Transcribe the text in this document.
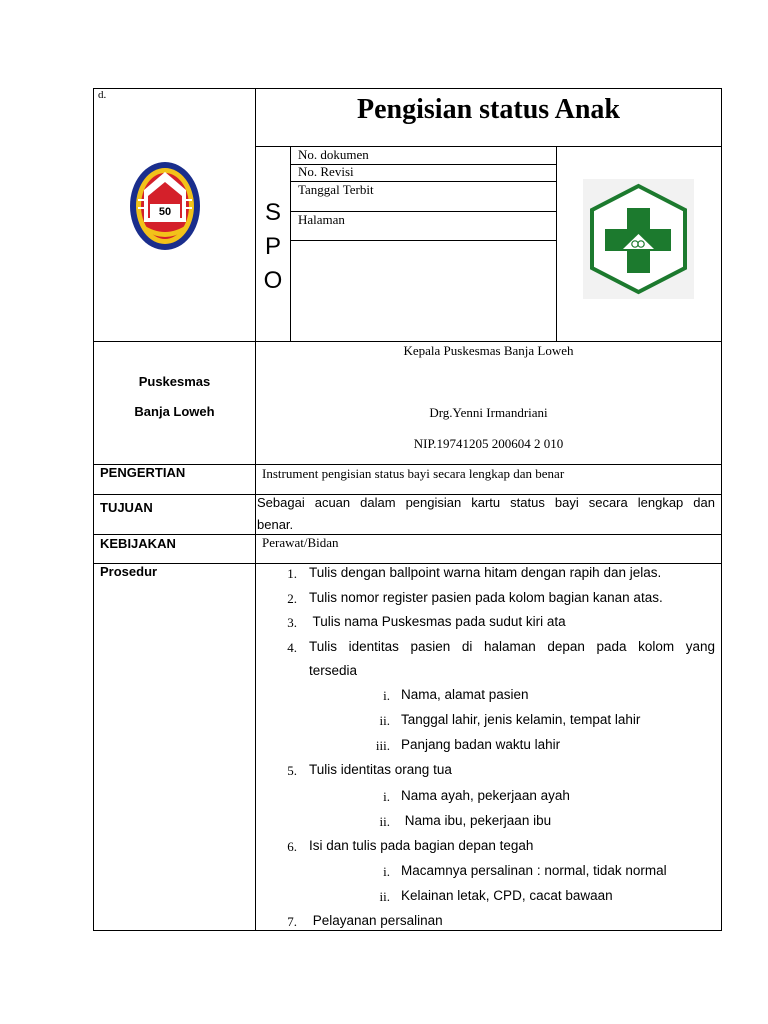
d.	Pengisian status Anak
50	S
P
O
No. dokumen
No. Revisi
Tanggal Terbit
Halaman
Puskesmas
Banja Loweh
Kepala Puskesmas Banja Loweh
Drg.Yenni Irmandriani
NIP.19741205 200604 2 010
PENGERTIAN	Instrument pengisian status bayi secara lengkap dan benar
TUJUAN	Sebagai acuan dalam pengisian kartu status bayi secara lengkap dan
benar.
KEBIJAKAN	Perawat/Bidan
Prosedur	1. Tulis dengan ballpoint warna hitam dengan rapih dan jelas.
2. Tulis nomor register pasien pada kolom bagian kanan atas.
3. Tulis nama Puskesmas pada sudut kiri ata
4. Tulis identitas pasien di halaman depan pada kolom yang
tersedia
i. Nama, alamat pasien
ii. Tanggal lahir, jenis kelamin, tempat lahir
iii. Panjang badan waktu lahir
5. Tulis identitas orang tua
i. Nama ayah, pekerjaan ayah
ii. Nama ibu, pekerjaan ibu
6. Isi dan tulis pada bagian depan tegah
i. Macamnya persalinan : normal, tidak normal
ii. Kelainan letak, CPD, cacat bawaan
7. Pelayanan persalinan
